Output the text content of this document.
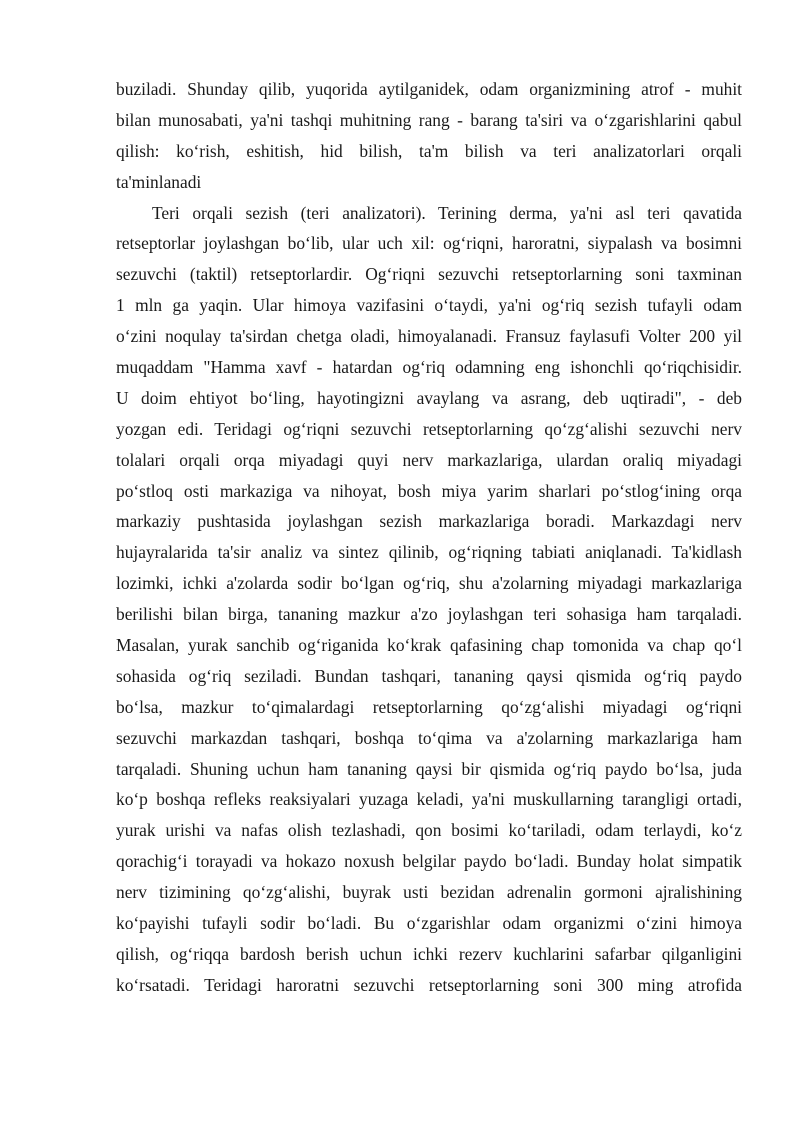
buziladi. Shunday qilib, yuqorida aytilganidek, odam organizmining atrof - muhit
bilan munosabati, ya'ni tashqi muhitning rang - barang ta'siri va o‘zgarishlarini qabul
qilish: ko‘rish, eshitish, hid bilish, ta'm bilish va teri analizatorlari orqali
ta'minlanadi
Teri orqali sezish (teri analizatori). Terining derma, ya'ni asl teri qavatida
retseptorlar joylashgan bo‘lib, ular uch xil: og‘riqni, haroratni, siypalash va bosimni
sezuvchi (taktil) retseptorlardir. Og‘riqni sezuvchi retseptorlarning soni taxminan
1 mln ga yaqin. Ular himoya vazifasini o‘taydi, ya'ni og‘riq sezish tufayli odam
o‘zini noqulay ta'sirdan chetga oladi, himoyalanadi. Fransuz faylasufi Volter 200 yil
muqaddam "Hamma xavf - hatardan og‘riq odamning eng ishonchli qo‘riqchisidir.
U doim ehtiyot bo‘ling, hayotingizni avaylang va asrang, deb uqtiradi", - deb
yozgan edi. Teridagi og‘riqni sezuvchi retseptorlarning qo‘zg‘alishi sezuvchi nerv
tolalari orqali orqa miyadagi quyi nerv markazlariga, ulardan oraliq miyadagi
po‘stloq osti markaziga va nihoyat, bosh miya yarim sharlari po‘stlog‘ining orqa
markaziy pushtasida joylashgan sezish markazlariga boradi. Markazdagi nerv
hujayralarida ta'sir analiz va sintez qilinib, og‘riqning tabiati aniqlanadi. Ta'kidlash
lozimki, ichki a'zolarda sodir bo‘lgan og‘riq, shu a'zolarning miyadagi markazlariga
berilishi bilan birga, tananing mazkur a'zo joylashgan teri sohasiga ham tarqaladi.
Masalan, yurak sanchib og‘riganida ko‘krak qafasining chap tomonida va chap qo‘l
sohasida og‘riq seziladi. Bundan tashqari, tananing qaysi qismida og‘riq paydo
bo‘lsa, mazkur to‘qimalardagi retseptorlarning qo‘zg‘alishi miyadagi og‘riqni
sezuvchi markazdan tashqari, boshqa to‘qima va a'zolarning markazlariga ham
tarqaladi. Shuning uchun ham tananing qaysi bir qismida og‘riq paydo bo‘lsa, juda
ko‘p boshqa refleks reaksiyalari yuzaga keladi, ya'ni muskullarning tarangligi ortadi,
yurak urishi va nafas olish tezlashadi, qon bosimi ko‘tariladi, odam terlaydi, ko‘z
qorachig‘i torayadi va hokazo noxush belgilar paydo bo‘ladi. Bunday holat simpatik
nerv tizimining qo‘zg‘alishi, buyrak usti bezidan adrenalin gormoni ajralishining
ko‘payishi tufayli sodir bo‘ladi. Bu o‘zgarishlar odam organizmi o‘zini himoya
qilish, og‘riqqa bardosh berish uchun ichki rezerv kuchlarini safarbar qilganligini
ko‘rsatadi. Teridagi haroratni sezuvchi retseptorlarning soni 300 ming atrofida
